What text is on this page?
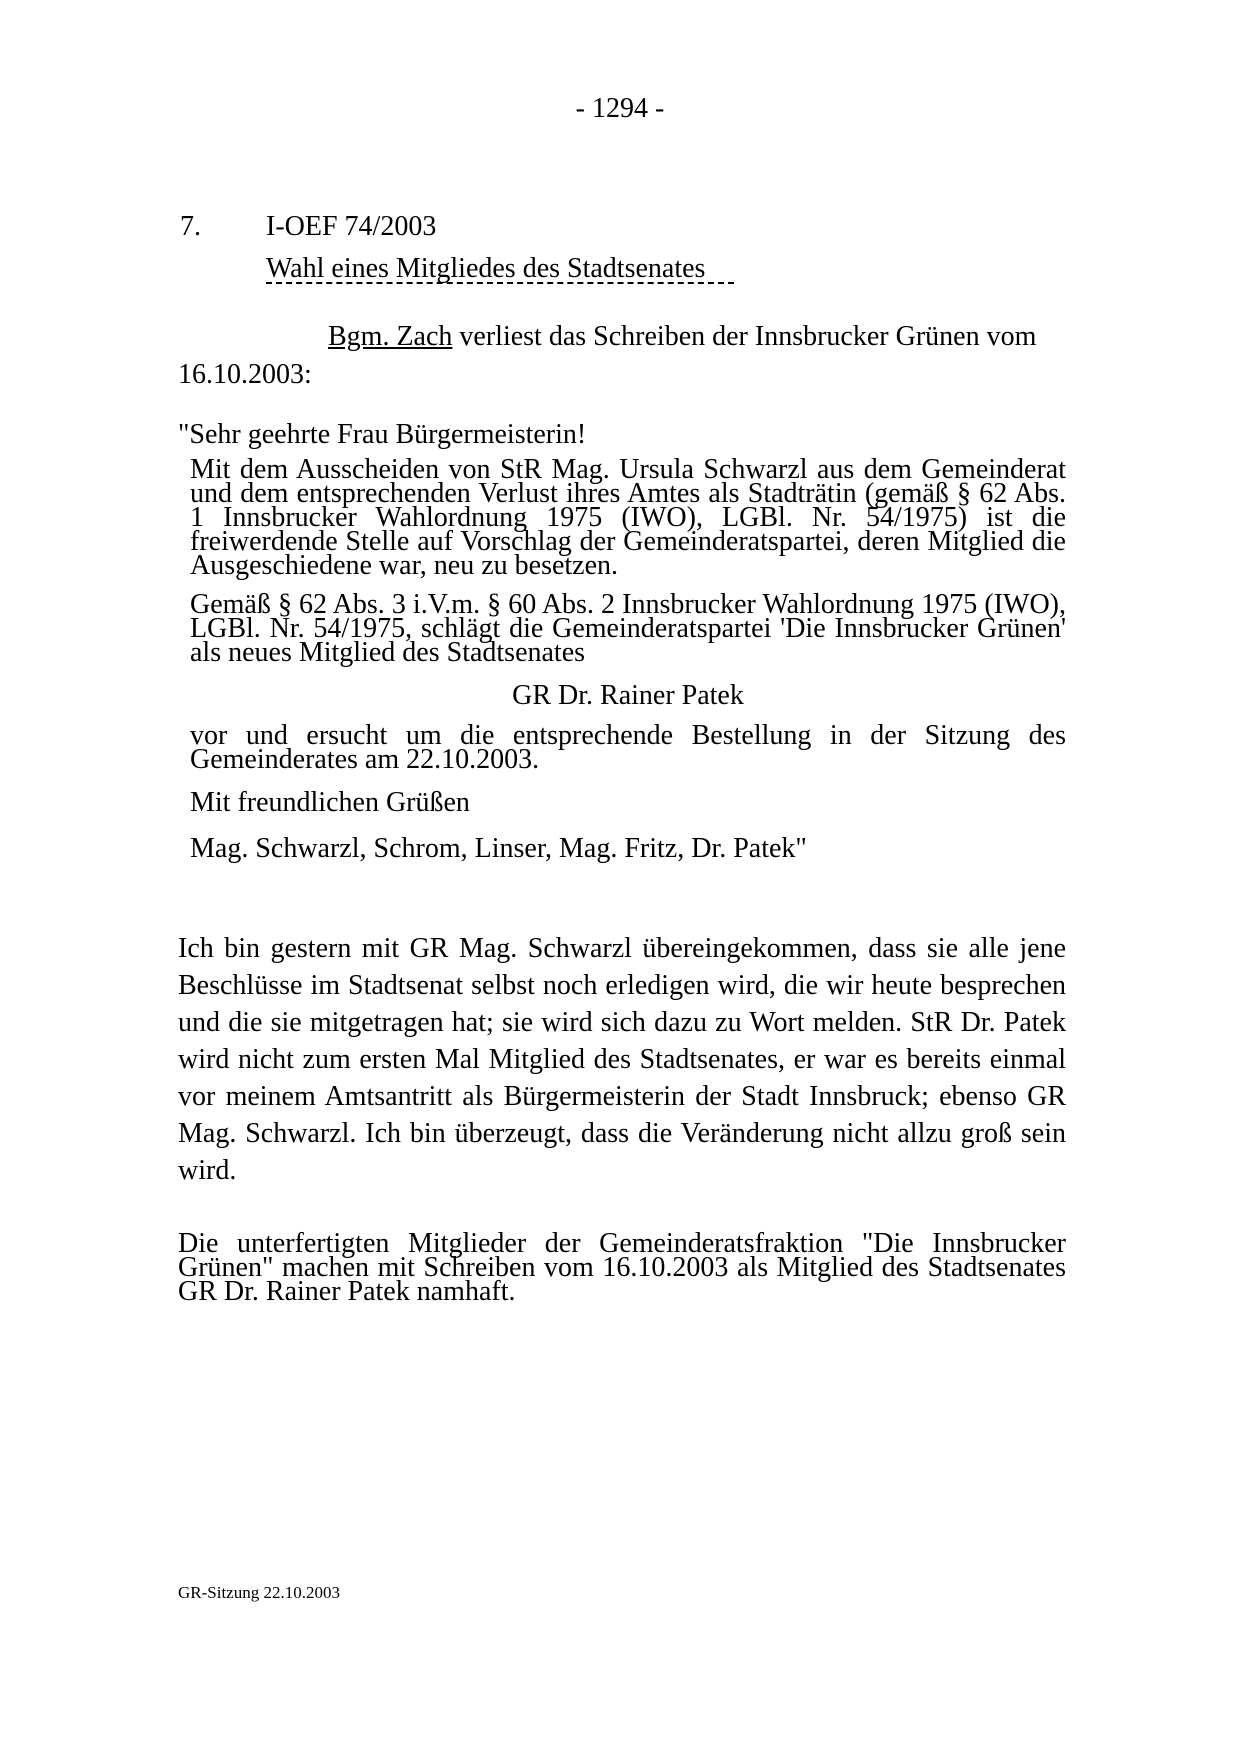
- 1294 -
7. I-OEF 74/2003
Wahl eines Mitgliedes des Stadtsenates
Bgm. Zach verliest das Schreiben der Innsbrucker Grünen vom 16.10.2003:
"Sehr geehrte Frau Bürgermeisterin!

Mit dem Ausscheiden von StR Mag. Ursula Schwarzl aus dem Gemeinderat und dem entsprechenden Verlust ihres Amtes als Stadträtin (gemäß § 62 Abs. 1 Innsbrucker Wahlordnung 1975 (IWO), LGBl. Nr. 54/1975) ist die freiwerdende Stelle auf Vorschlag der Gemeinderatspartei, deren Mitglied die Ausgeschiedene war, neu zu besetzen.

Gemäß § 62 Abs. 3 i.V.m. § 60 Abs. 2 Innsbrucker Wahlordnung 1975 (IWO), LGBl. Nr. 54/1975, schlägt die Gemeinderatspartei 'Die Innsbrucker Grünen' als neues Mitglied des Stadtsenates

GR Dr. Rainer Patek

vor und ersucht um die entsprechende Bestellung in der Sitzung des Gemeinderates am 22.10.2003.

Mit freundlichen Grüßen

Mag. Schwarzl, Schrom, Linser, Mag. Fritz, Dr. Patek"

Ich bin gestern mit GR Mag. Schwarzl übereingekommen, dass sie alle jene Beschlüsse im Stadtsenat selbst noch erledigen wird, die wir heute besprechen und die sie mitgetragen hat; sie wird sich dazu zu Wort melden. StR Dr. Patek wird nicht zum ersten Mal Mitglied des Stadtsenates, er war es bereits einmal vor meinem Amtsantritt als Bürgermeisterin der Stadt Innsbruck; ebenso GR Mag. Schwarzl. Ich bin überzeugt, dass die Veränderung nicht allzu groß sein wird.

Die unterfertigten Mitglieder der Gemeinderatsfraktion "Die Innsbrucker Grünen" machen mit Schreiben vom 16.10.2003 als Mitglied des Stadtsenates GR Dr. Rainer Patek namhaft.

GR-Sitzung 22.10.2003
